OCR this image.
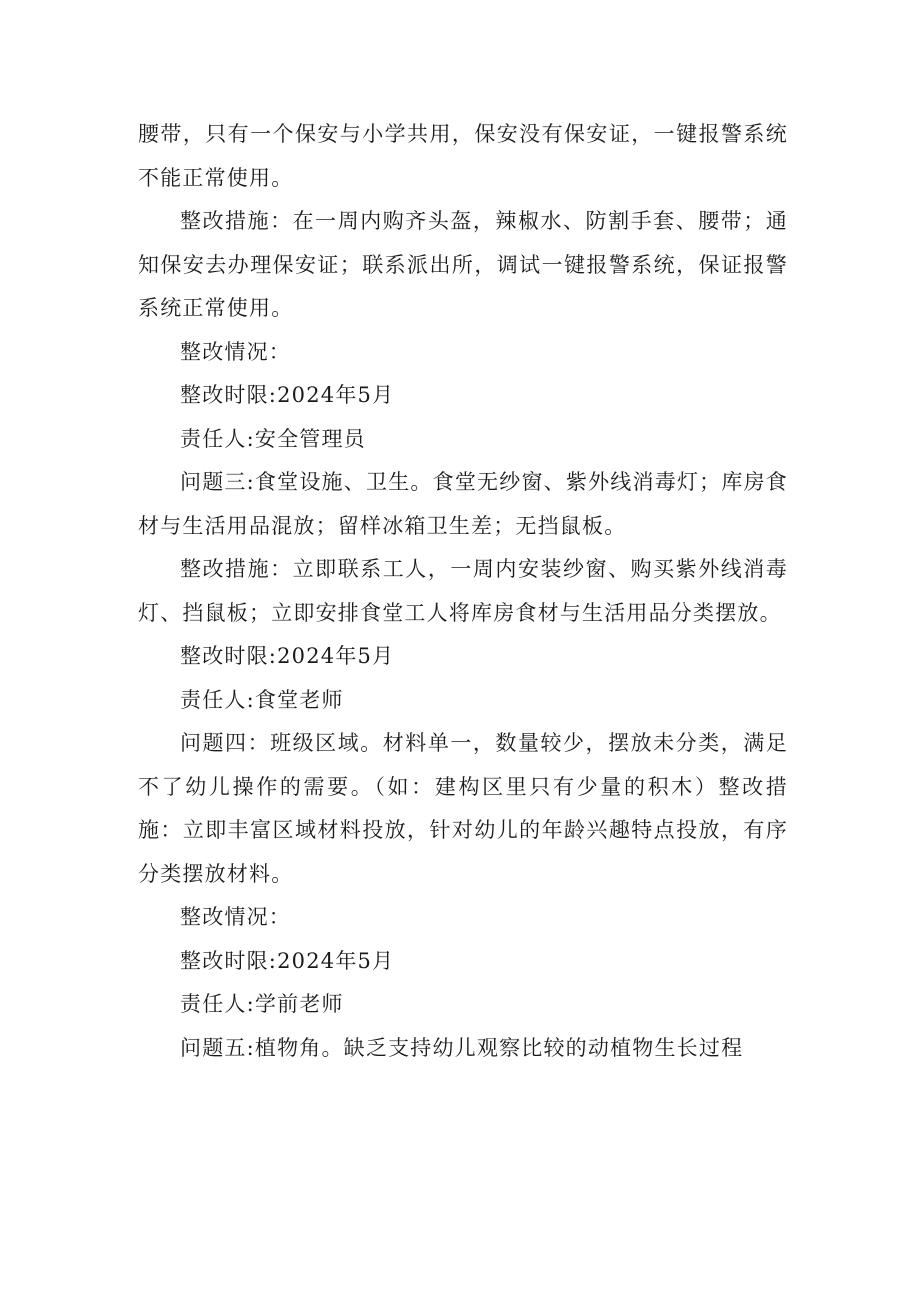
腰带，只有一个保安与小学共用，保安没有保安证，一键报警系统不能正常使用。

整改措施：在一周内购齐头盔，辣椒水、防割手套、腰带；通知保安去办理保安证；联系派出所，调试一键报警系统，保证报警系统正常使用。

整改情况：

整改时限:2024年5月

责任人:安全管理员

问题三:食堂设施、卫生。食堂无纱窗、紫外线消毒灯；库房食材与生活用品混放；留样冰箱卫生差；无挡鼠板。

整改措施：立即联系工人，一周内安装纱窗、购买紫外线消毒灯、挡鼠板；立即安排食堂工人将库房食材与生活用品分类摆放。

整改时限:2024年5月

责任人:食堂老师

问题四：班级区域。材料单一，数量较少，摆放未分类，满足不了幼儿操作的需要。（如：建构区里只有少量的积木）整改措施：立即丰富区域材料投放，针对幼儿的年龄兴趣特点投放，有序分类摆放材料。

整改情况：

整改时限:2024年5月

责任人:学前老师

问题五:植物角。缺乏支持幼儿观察比较的动植物生长过程
